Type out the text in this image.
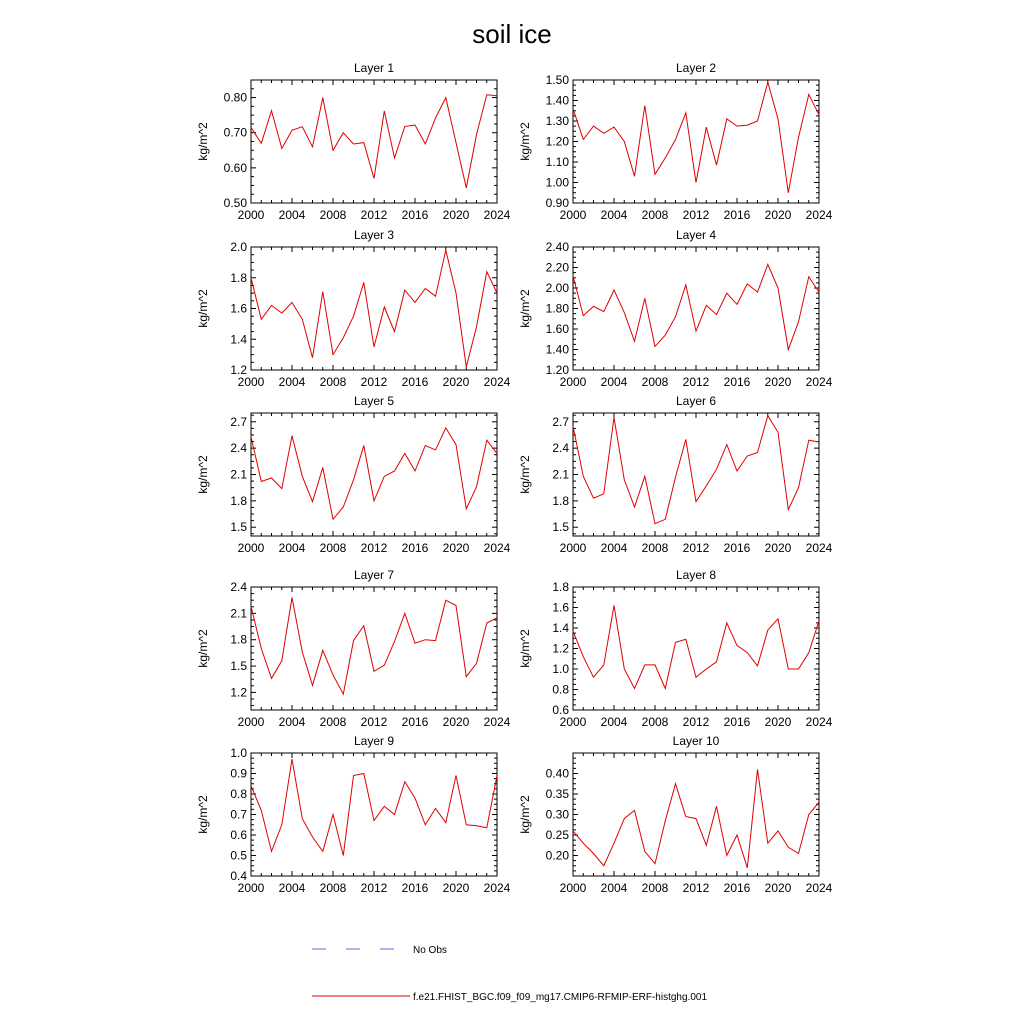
soil ice
Layer 1
kg/m^2
2000 2004 2008 2012 2016 2020 2024
0.50
0.60
0.70
0.80
Layer 2
kg/m^2
2000 2004 2008 2012 2016 2020 2024
0.90
1.00
1.10
1.20
1.30
1.40
1.50
Layer 3
kg/m^2
2000 2004 2008 2012 2016 2020 2024
1.2
1.4
1.6
1.8
2.0
Layer 4
kg/m^2
2000 2004 2008 2012 2016 2020 2024
1.20
1.40
1.60
1.80
2.00
2.20
2.40
Layer 5
kg/m^2
2000 2004 2008 2012 2016 2020 2024
1.5
1.8
2.1
2.4
2.7
Layer 6
kg/m^2
2000 2004 2008 2012 2016 2020 2024
1.5
1.8
2.1
2.4
2.7
Layer 7
kg/m^2
2000 2004 2008 2012 2016 2020 2024
1.2
1.5
1.8
2.1
2.4
Layer 8
kg/m^2
2000 2004 2008 2012 2016 2020 2024
0.6
0.8
1.0
1.2
1.4
1.6
1.8
Layer 9
kg/m^2
2000 2004 2008 2012 2016 2020 2024
0.4
0.5
0.6
0.7
0.8
0.9
1.0
Layer 10
kg/m^2
2000 2004 2008 2012 2016 2020 2024
0.20
0.25
0.30
0.35
0.40
No Obs
f.e21.FHIST_BGC.f09_f09_mg17.CMIP6-RFMIP-ERF-histghg.001
